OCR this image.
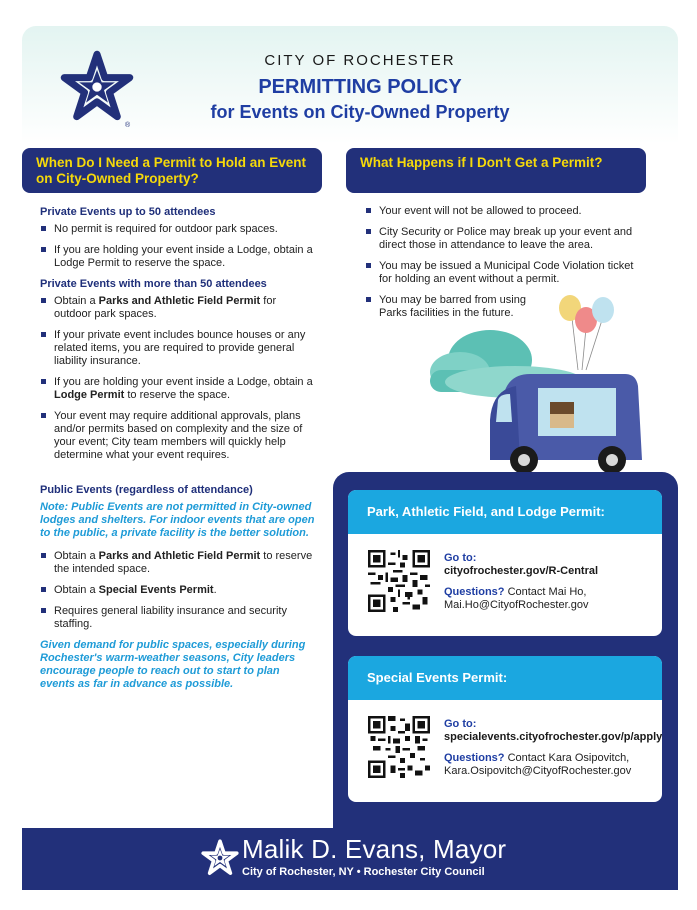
®
CITY OF ROCHESTER
PERMITTING POLICY
for Events on City-Owned Property
When Do I Need a Permit to Hold an Event on City-Owned Property?
What Happens if I Don't Get a Permit?
Private Events up to 50 attendees
No permit is required for outdoor park spaces.
If you are holding your event inside a Lodge, obtain a Lodge Permit to reserve the space.
Private Events with more than 50 attendees
Obtain a Parks and Athletic Field Permit for outdoor park spaces.
If your private event includes bounce houses or any related items, you are required to provide general liability insurance.
If you are holding your event inside a Lodge, obtain a Lodge Permit to reserve the space.
Your event may require additional approvals, plans and/or permits based on complexity and the size of your event; City team members will quickly help determine what your event requires.
Public Events (regardless of attendance)
Note: Public Events are not permitted in City-owned lodges and shelters. For indoor events that are open to the public, a private facility is the better solution.
Obtain a Parks and Athletic Field Permit to reserve the intended space.
Obtain a Special Events Permit.
Requires general liability insurance and security staffing.
Given demand for public spaces, especially during Rochester's warm-weather seasons, City leaders encourage people to reach out to start to plan events as far in advance as possible.
Your event will not be allowed to proceed.
City Security or Police may break up your event and direct those in attendance to leave the area.
You may be issued a Municipal Code Violation ticket for holding an event without a permit.
You may be barred from using Parks facilities in the future.
Park, Athletic Field, and Lodge Permit:
Go to:
cityofrochester.gov/R-Central
Questions? Contact Mai Ho, Mai.Ho@CityofRochester.gov
Special Events Permit:
Go to:
specialevents.cityofrochester.gov/p/apply
Questions? Contact Kara Osipovitch, Kara.Osipovitch@CityofRochester.gov
Malik D. Evans, Mayor
City of Rochester, NY • Rochester City Council
